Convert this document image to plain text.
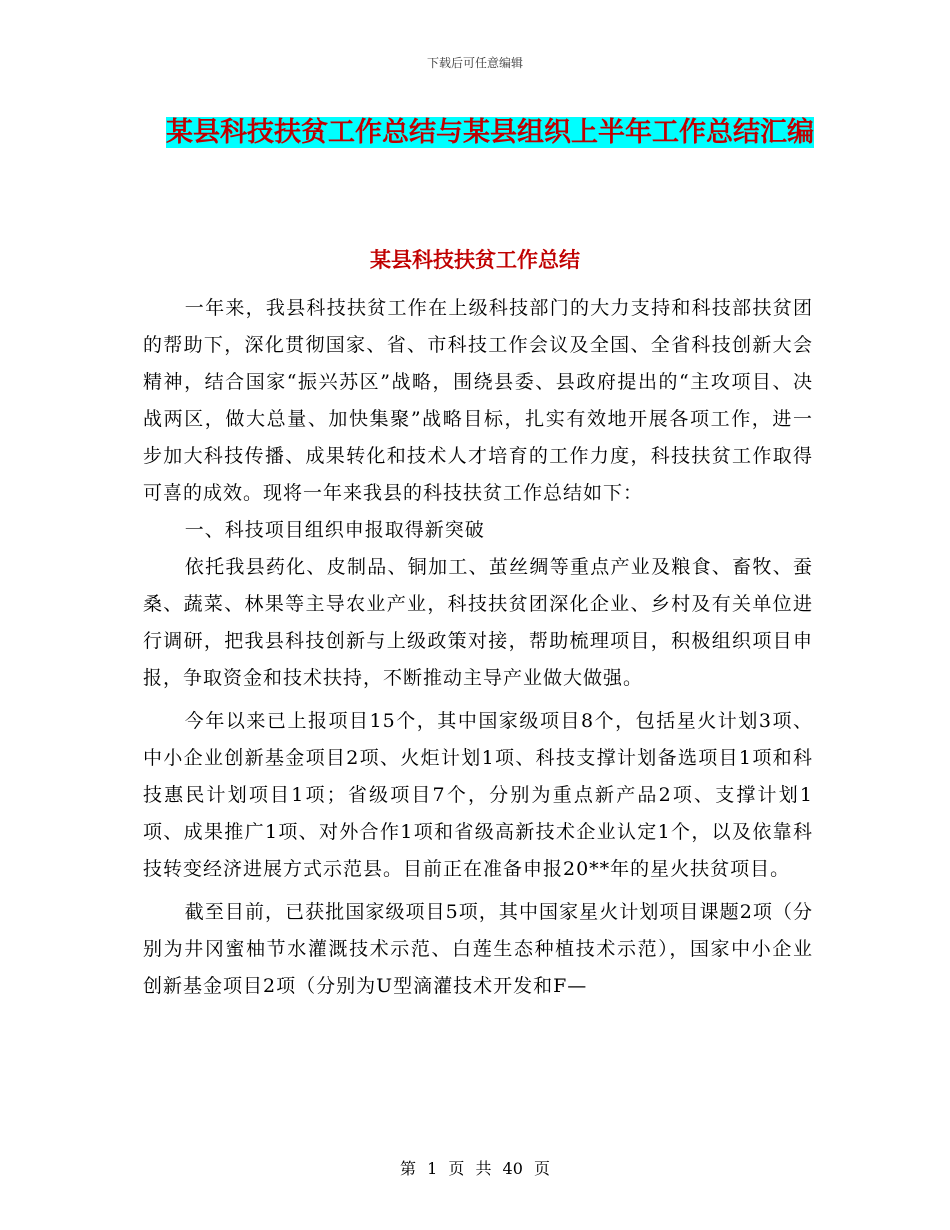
下载后可任意编辑
某县科技扶贫工作总结与某县组织上半年工作总结汇编
某县科技扶贫工作总结

一年来，我县科技扶贫工作在上级科技部门的大力支持和科技部扶贫团的帮助下，深化贯彻国家、省、市科技工作会议及全国、全省科技创新大会精神，结合国家“振兴苏区”战略，围绕县委、县政府提出的“主攻项目、决战两区，做大总量、加快集聚”战略目标，扎实有效地开展各项工作，进一步加大科技传播、成果转化和技术人才培育的工作力度，科技扶贫工作取得可喜的成效。现将一年来我县的科技扶贫工作总结如下：

一、科技项目组织申报取得新突破

依托我县药化、皮制品、铜加工、茧丝绸等重点产业及粮食、畜牧、蚕桑、蔬菜、林果等主导农业产业，科技扶贫团深化企业、乡村及有关单位进行调研，把我县科技创新与上级政策对接，帮助梳理项目，积极组织项目申报，争取资金和技术扶持，不断推动主导产业做大做强。

今年以来已上报项目15个，其中国家级项目8个，包括星火计划3项、中小企业创新基金项目2项、火炬计划1项、科技支撑计划备选项目1项和科技惠民计划项目1项；省级项目7个，分别为重点新产品2项、支撑计划1项、成果推广1项、对外合作1项和省级高新技术企业认定1个，以及依靠科技转变经济进展方式示范县。目前正在准备申报20**年的星火扶贫项目。

截至目前，已获批国家级项目5项，其中国家星火计划项目课题2项（分别为井冈蜜柚节水灌溉技术示范、白莲生态种植技术示范），国家中小企业创新基金项目2项（分别为U型滴灌技术开发和F—

第 1 页 共 40 页
